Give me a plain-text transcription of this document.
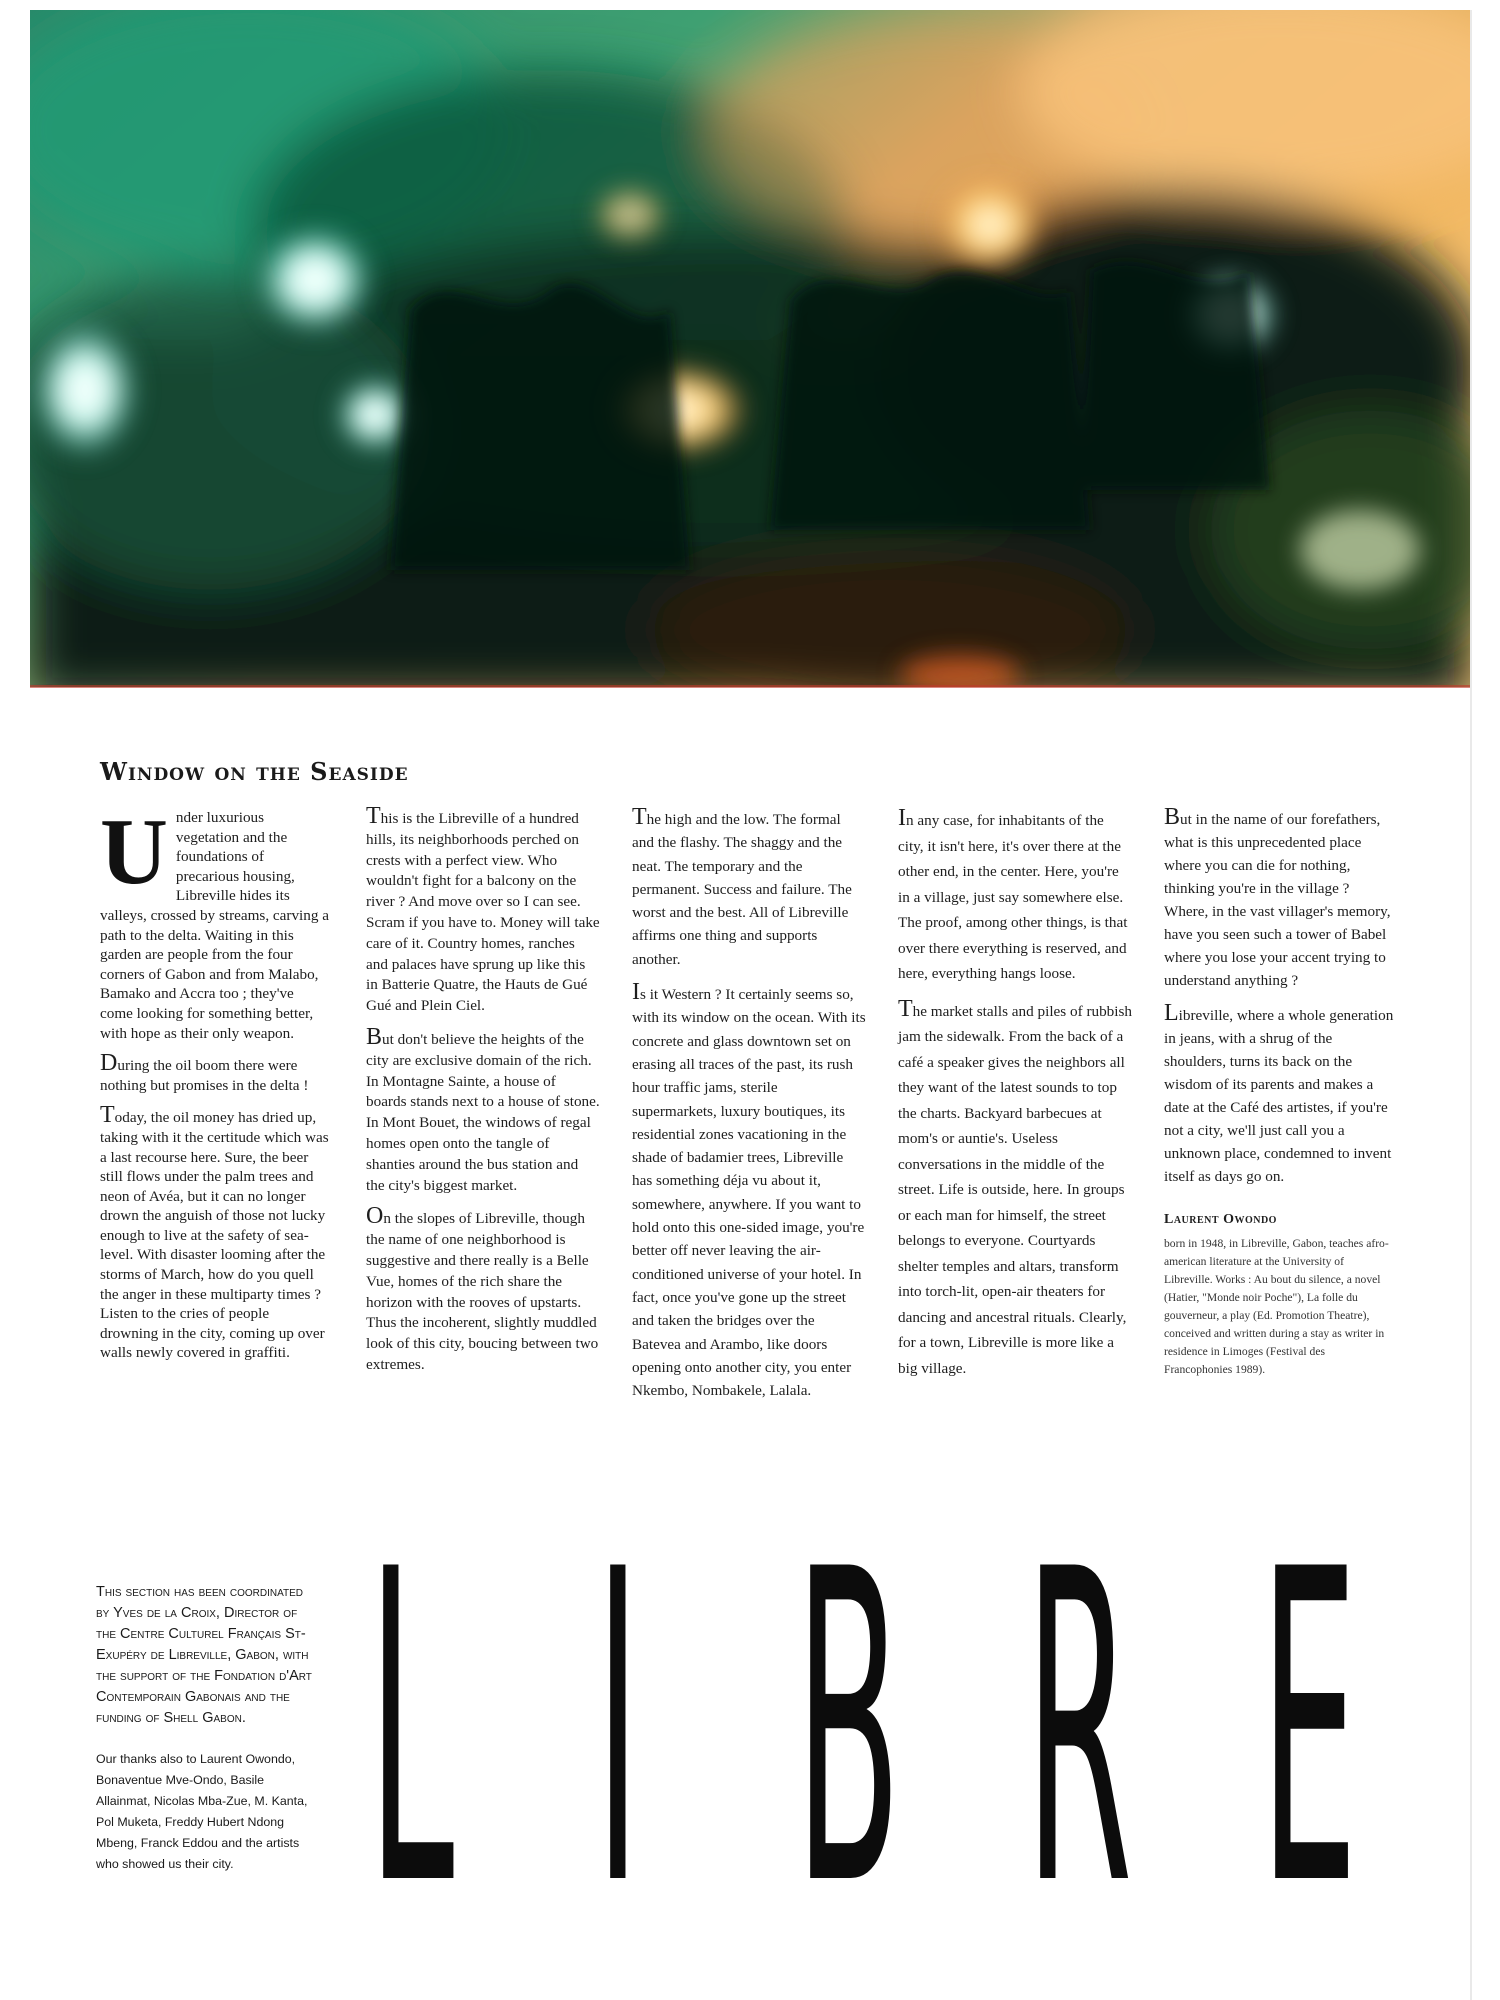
Window on the Seaside

Under luxurious vegetation and the foundations of precarious housing, Libreville hides its valleys, crossed by streams, carving a path to the delta. Waiting in this garden are people from the four corners of Gabon and from Malabo, Bamako and Accra too ; they've come looking for something better, with hope as their only weapon.

During the oil boom there were nothing but promises in the delta !

Today, the oil money has dried up, taking with it the certitude which was a last recourse here. Sure, the beer still flows under the palm trees and neon of Avéa, but it can no longer drown the anguish of those not lucky enough to live at the safety of sea-level. With disaster looming after the storms of March, how do you quell the anger in these multiparty times ? Listen to the cries of people drowning in the city, coming up over walls newly covered in graffiti.

This is the Libreville of a hundred hills, its neighborhoods perched on crests with a perfect view. Who wouldn't fight for a balcony on the river ? And move over so I can see. Scram if you have to. Money will take care of it. Country homes, ranches and palaces have sprung up like this in Batterie Quatre, the Hauts de Gué Gué and Plein Ciel.

But don't believe the heights of the city are exclusive domain of the rich. In Montagne Sainte, a house of boards stands next to a house of stone. In Mont Bouet, the windows of regal homes open onto the tangle of shanties around the bus station and the city's biggest market.

On the slopes of Libreville, though the name of one neighborhood is suggestive and there really is a Belle Vue, homes of the rich share the horizon with the rooves of upstarts. Thus the incoherent, slightly muddled look of this city, boucing between two extremes.

The high and the low. The formal and the flashy. The shaggy and the neat. The temporary and the permanent. Success and failure. The worst and the best. All of Libreville affirms one thing and supports another.

Is it Western ? It certainly seems so, with its window on the ocean. With its concrete and glass downtown set on erasing all traces of the past, its rush hour traffic jams, sterile supermarkets, luxury boutiques, its residential zones vacationing in the shade of badamier trees, Libreville has something déja vu about it, somewhere, anywhere. If you want to hold onto this one-sided image, you're better off never leaving the air-conditioned universe of your hotel. In fact, once you've gone up the street and taken the bridges over the Batevea and Arambo, like doors opening onto another city, you enter Nkembo, Nombakele, Lalala.

In any case, for inhabitants of the city, it isn't here, it's over there at the other end, in the center. Here, you're in a village, just say somewhere else. The proof, among other things, is that over there everything is reserved, and here, everything hangs loose.

The market stalls and piles of rubbish jam the sidewalk. From the back of a café a speaker gives the neighbors all they want of the latest sounds to top the charts. Backyard barbecues at mom's or auntie's. Useless conversations in the middle of the street. Life is outside, here. In groups or each man for himself, the street belongs to everyone. Courtyards shelter temples and altars, transform into torch-lit, open-air theaters for dancing and ancestral rituals. Clearly, for a town, Libreville is more like a big village.

But in the name of our forefathers, what is this unprecedented place where you can die for nothing, thinking you're in the village ? Where, in the vast villager's memory, have you seen such a tower of Babel where you lose your accent trying to understand anything ?

Libreville, where a whole generation in jeans, with a shrug of the shoulders, turns its back on the wisdom of its parents and makes a date at the Café des artistes, if you're not a city, we'll just call you a unknown place, condemned to invent itself as days go on.

Laurent Owondo
born in 1948, in Libreville, Gabon, teaches afro-american literature at the University of Libreville. Works : Au bout du silence, a novel (Hatier, "Monde noir Poche"), La folle du gouverneur, a play (Ed. Promotion Theatre), conceived and written during a stay as writer in residence in Limoges (Festival des Francophonies 1989).

This section has been coordinated by Yves de la Croix, Director of the Centre Culturel Français St-Exupéry de Libreville, Gabon, with the support of the Fondation d'Art Contemporain Gabonais and the funding of Shell Gabon.

Our thanks also to Laurent Owondo, Bonaventue Mve-Ondo, Basile Allainmat, Nicolas Mba-Zue, M. Kanta, Pol Muketa, Freddy Hubert Ndong Mbeng, Franck Eddou and the artists who showed us their city. L I B R E
